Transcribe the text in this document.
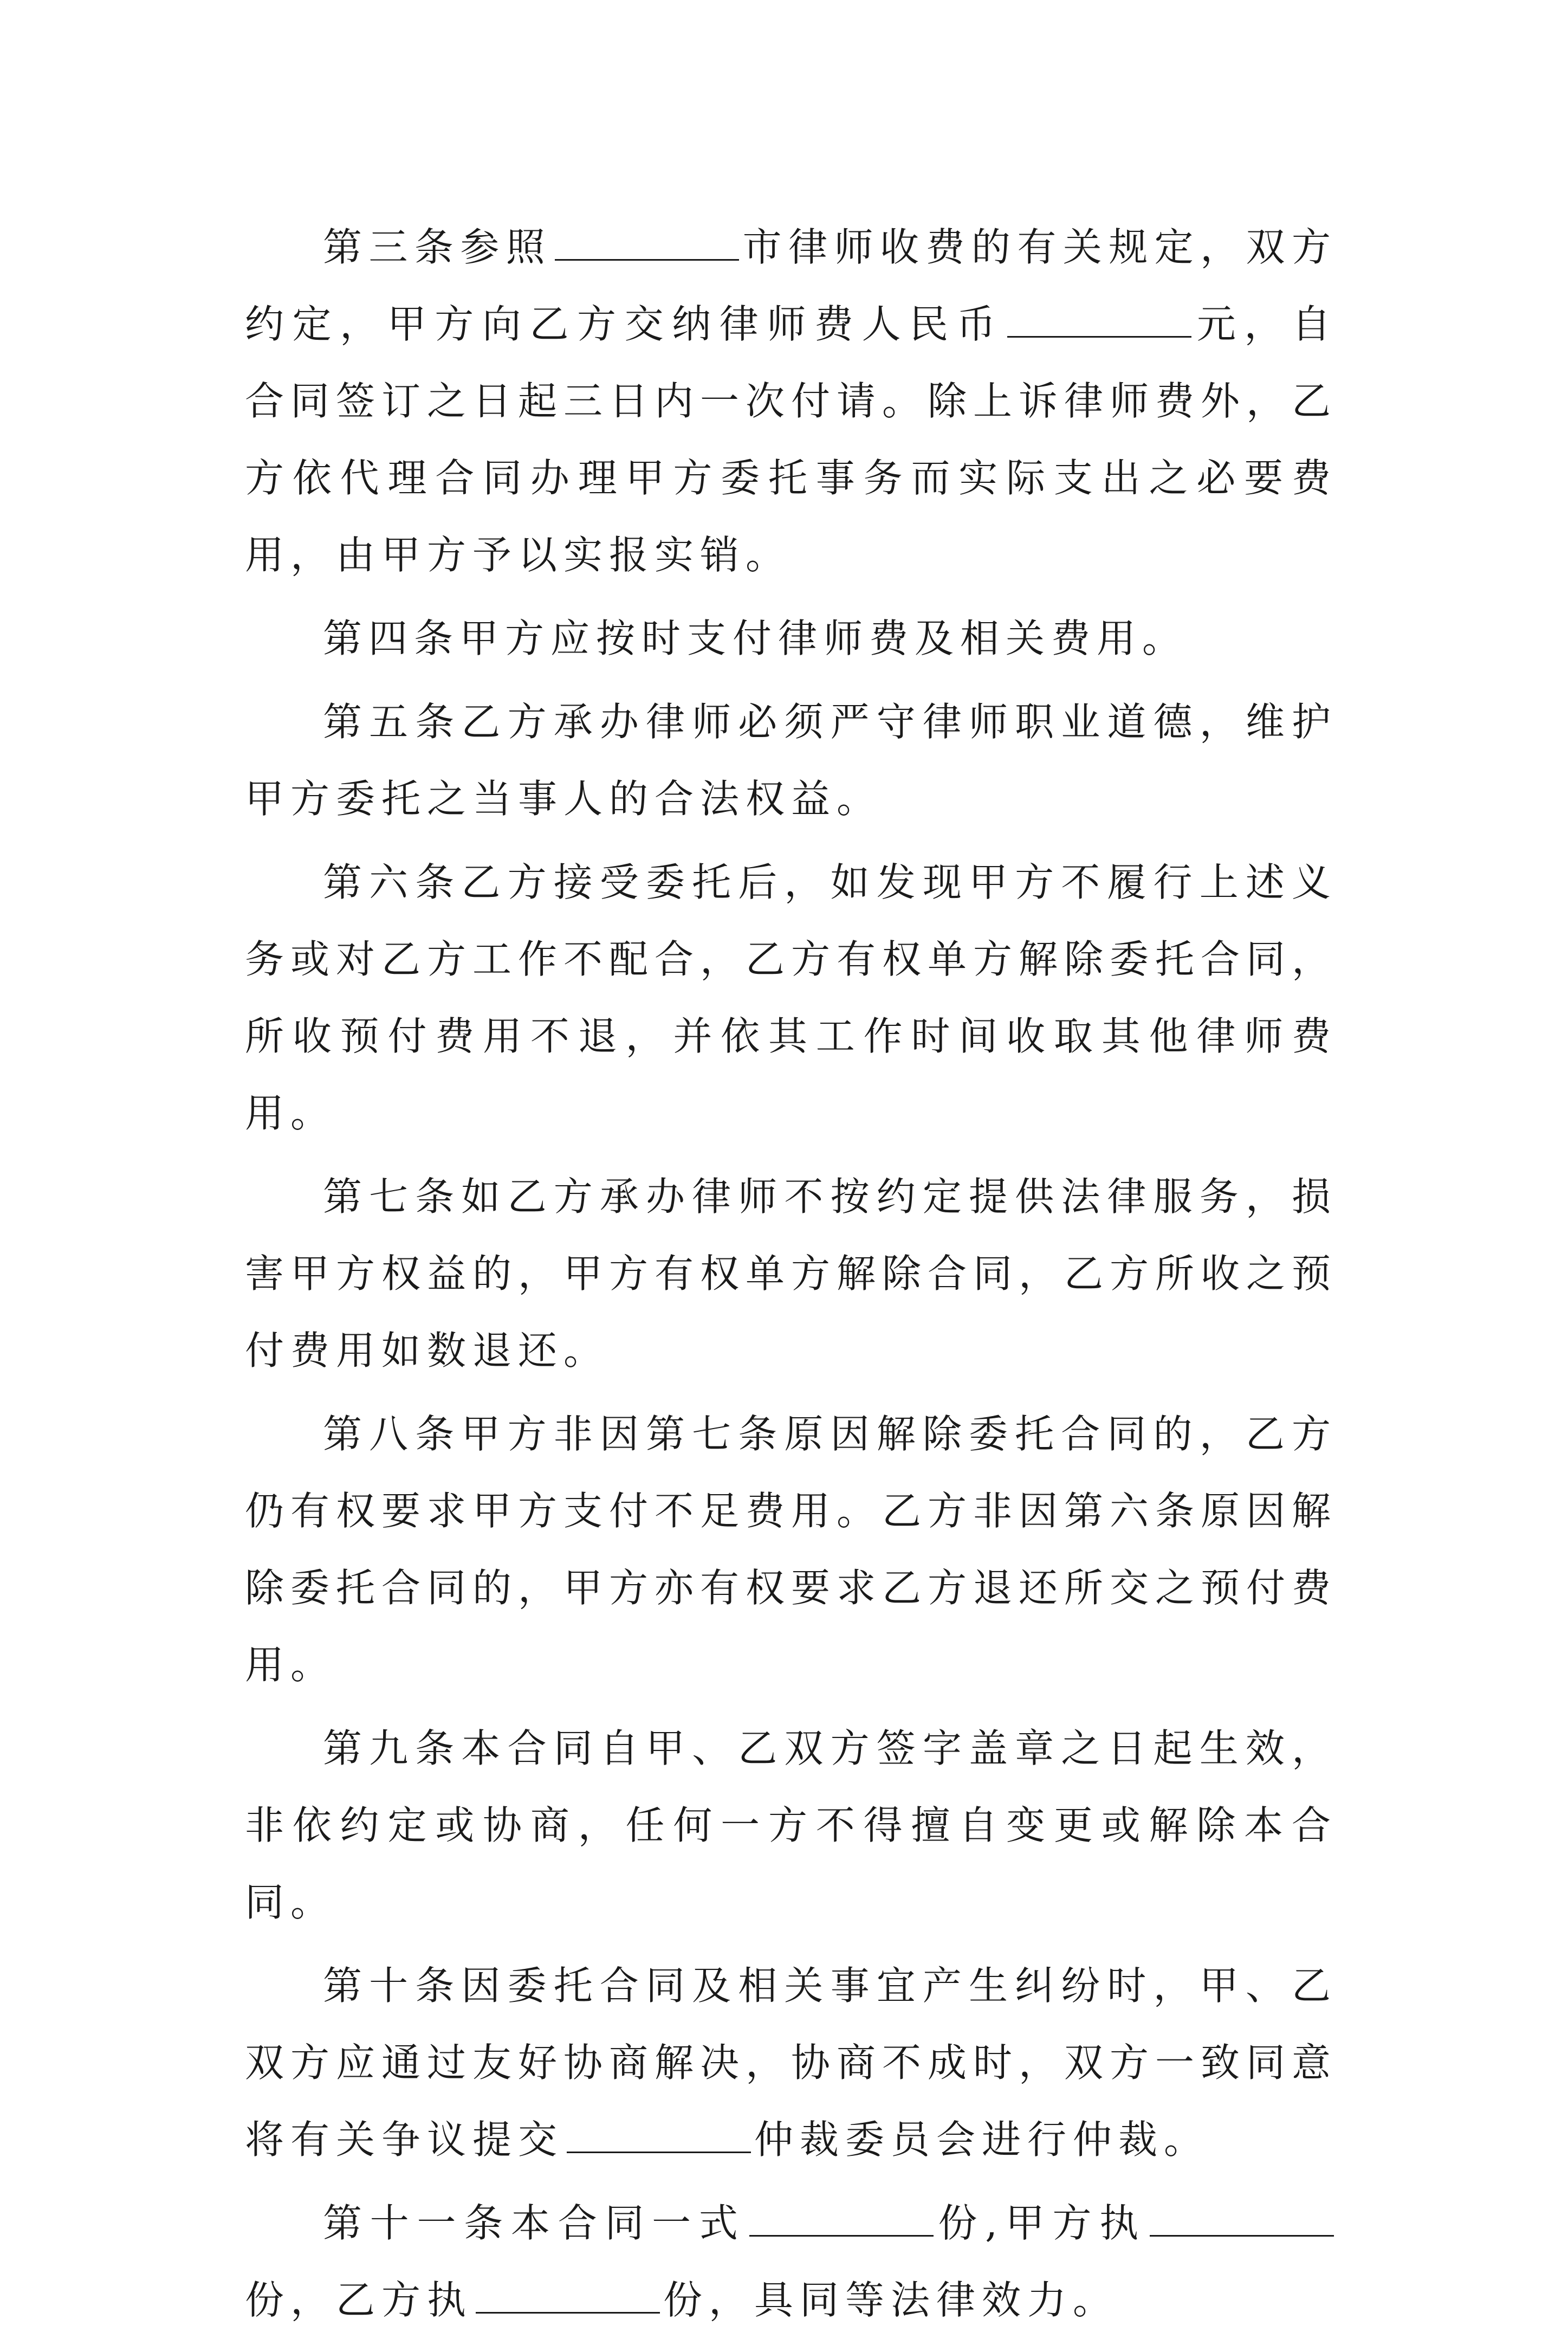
第三条参照	市律师收费的有关规定，双方约定，甲方向乙方交纳律师费人民币	元，自合同签订之日起三日内一次付请。除上诉律师费外，乙方依代理合同办理甲方委托事务而实际支出之必要费用，由甲方予以实报实销。

第四条甲方应按时支付律师费及相关费用。

第五条乙方承办律师必须严守律师职业道德，维护甲方委托之当事人的合法权益。

第六条乙方接受委托后，如发现甲方不履行上述义务或对乙方工作不配合，乙方有权单方解除委托合同，所收预付费用不退，并依其工作时间收取其他律师费用。

第七条如乙方承办律师不按约定提供法律服务，损害甲方权益的，甲方有权单方解除合同，乙方所收之预付费用如数退还。

第八条甲方非因第七条原因解除委托合同的，乙方仍有权要求甲方支付不足费用。乙方非因第六条原因解除委托合同的，甲方亦有权要求乙方退还所交之预付费用。

第九条本合同自甲、乙双方签字盖章之日起生效，非依约定或协商，任何一方不得擅自变更或解除本合同。

第十条因委托合同及相关事宜产生纠纷时，甲、乙双方应通过友好协商解决，协商不成时，双方一致同意将有关争议提交	仲裁委员会进行仲裁。

第十一条本合同一式	份,甲方执份，乙方执	份，具同等法律效力。
